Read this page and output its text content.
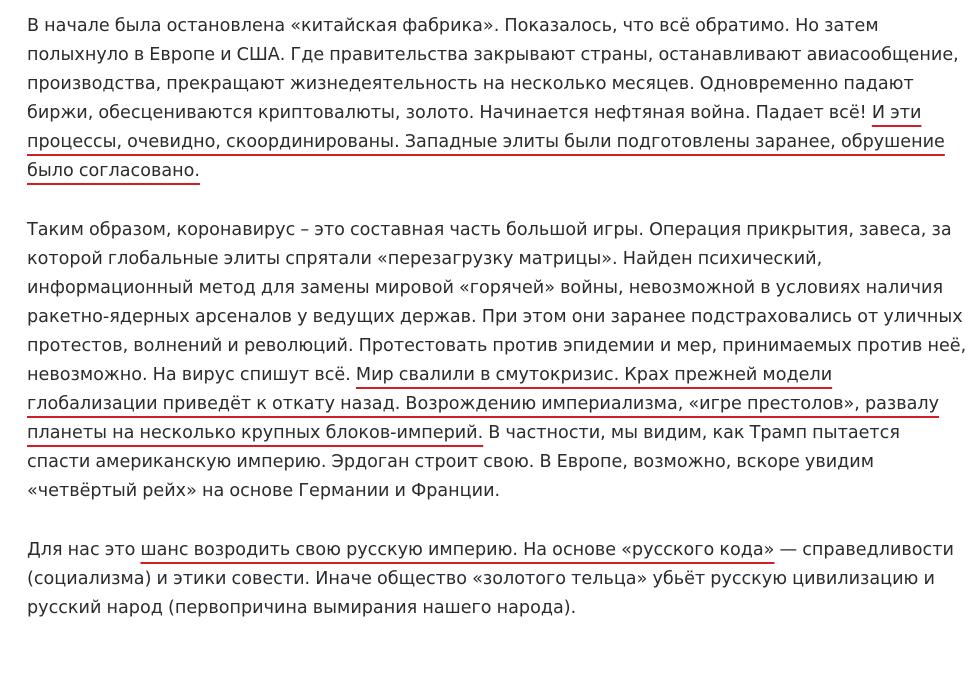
В начале была остановлена «китайская фабрика». Показалось, что всё обратимо. Но затем полыхнуло в Европе и США. Где правительства закрывают страны, останавливают авиасообщение, производства, прекращают жизнедеятельность на несколько месяцев. Одновременно падают биржи, обесцениваются криптовалюты, золото. Начинается нефтяная война. Падает всё! И эти процессы, очевидно, скоординированы. Западные элиты были подготовлены заранее, обрушение было согласовано.

Таким образом, коронавирус – это составная часть большой игры. Операция прикрытия, завеса, за которой глобальные элиты спрятали «перезагрузку матрицы». Найден психический, информационный метод для замены мировой «горячей» войны, невозможной в условиях наличия ракетно-ядерных арсеналов у ведущих держав. При этом они заранее подстраховались от уличных протестов, волнений и революций. Протестовать против эпидемии и мер, принимаемых против неё, невозможно. На вирус спишут всё. Мир свалили в смутокризис. Крах прежней модели глобализации приведёт к откату назад. Возрождению империализма, «игре престолов», развалу планеты на несколько крупных блоков-империй. В частности, мы видим, как Трамп пытается спасти американскую империю. Эрдоган строит свою. В Европе, возможно, вскоре увидим «четвёртый рейх» на основе Германии и Франции.

Для нас это шанс возродить свою русскую империю. На основе «русского кода» — справедливости (социализма) и этики совести. Иначе общество «золотого тельца» убьёт русскую цивилизацию и русский народ (первопричина вымирания нашего народа).
